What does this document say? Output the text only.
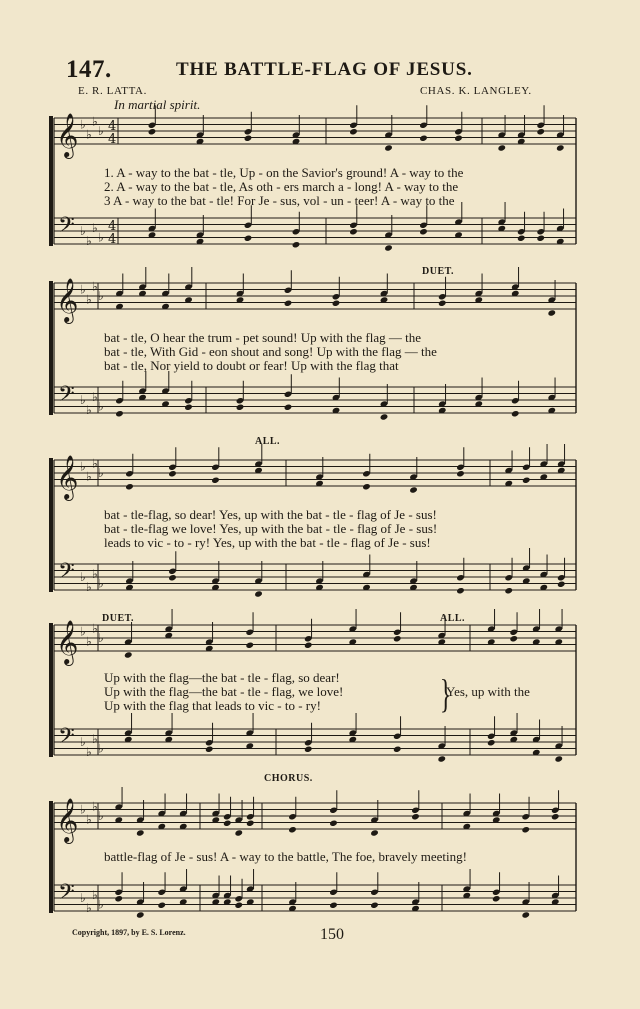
147.	THE BATTLE-FLAG OF JESUS.
E. R. LATTA.	CHAS. K. LANGLEY.
In martial spirit.
𝄞
𝄢
♭
♭
♭
♭
♭
♭
♭
♭
4
4
4
4
𝄞
𝄢
♭
♭
♭
♭
♭
♭
♭
♭
𝄞
𝄢
♭
♭
♭
♭
♭
♭
♭
♭
𝄞
𝄢
♭
♭
♭
♭
♭
♭
♭
♭
𝄞
𝄢
♭
♭
♭
♭
♭
♭
♭
♭
DUET.
ALL.
DUET.	ALL.
CHORUS.
1. A - way to the bat - tle, Up - on the Savior's ground! A - way to the
2. A - way to the bat - tle, As oth - ers march a - long! A - way to the
3 A - way to the bat - tle! For Je - sus, vol - un - teer! A - way to the
bat - tle, O hear the trum - pet sound! Up with the flag — the
bat - tle, With Gid - eon shout and song! Up with the flag — the
bat - tle, Nor yield to doubt or fear! Up with the flag that
bat - tle-flag, so dear! Yes, up with the bat - tle - flag of Je - sus!
bat - tle-flag we love! Yes, up with the bat - tle - flag of Je - sus!
leads to vic - to - ry! Yes, up with the bat - tle - flag of Je - sus!
Up with the flag—the bat - tle - flag, so dear!
Up with the flag—the bat - tle - flag, we love!
Up with the flag that leads to vic - to - ry!	}
Yes, up with the
battle-flag of Je - sus! A - way to the battle, The foe, bravely meeting!
Copyright, 1897, by E. S. Lorenz.	150
